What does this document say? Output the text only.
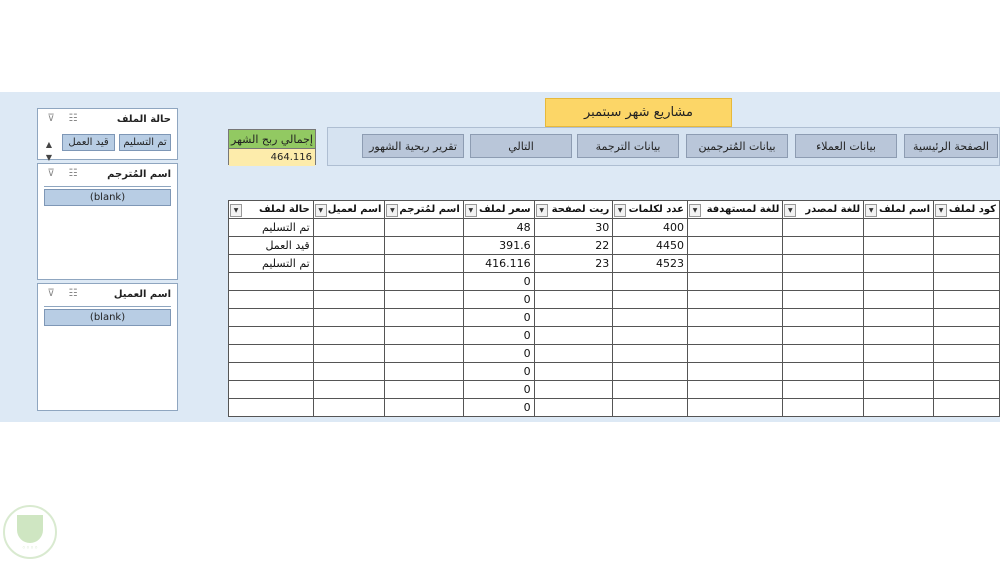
مشاريع شهر سبتمبر
الصفحة الرئيسية
بيانات العملاء
بيانات المُترجمين
بيانات الترجمة
التالي
تقرير ربحية الشهور
إجمالي ربح الشهر
464.116
⊽	☷	حالة الملف
▲
▼
تم التسليم
قيد العمل
⊽	☷	اسم المُترجم
(blank)
⊽	☷	اسم العميل
(blank)
▼ حالة لملف	▼ اسم لعميل	▼ اسم لمُترجم	▼ سعر لملف	▼ ريت لصفحة	▼ عدد لكلمات	▼ للغة لمستهدفة	▼ للغة لمصدر	▼ اسم لملف	▼ كود لملف
تم التسليم			48	30	400				
قيد العمل			391.6	22	4450				
تم التسليم			416.116	23	4523				
			0						
			0						
			0						
			0						
			0						
			0						
			0						
			0						
◦◦◦◦
